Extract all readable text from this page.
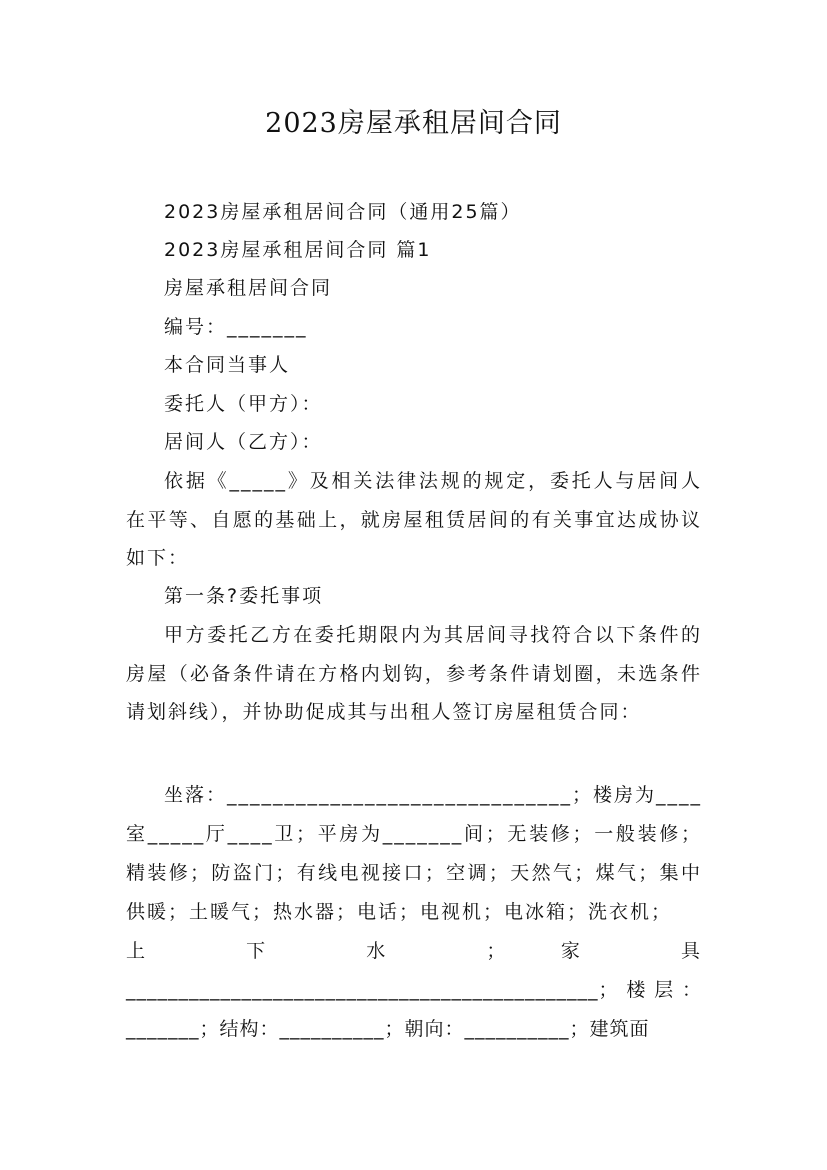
2023房屋承租居间合同

2023房屋承租居间合同（通用25篇）

2023房屋承租居间合同 篇1

房屋承租居间合同

编号：_______

本合同当事人

委托人（甲方）：

居间人（乙方）：

依据《_____》及相关法律法规的规定，委托人与居间人在平等、自愿的基础上，就房屋租赁居间的有关事宜达成协议如下：

第一条?委托事项

甲方委托乙方在委托期限内为其居间寻找符合以下条件的房屋（必备条件请在方格内划钩，参考条件请划圈，未选条件请划斜线），并协助促成其与出租人签订房屋租赁合同：

坐落：______________________________；楼房为____室_____厅____卫；平房为_______间；无装修；一般装修；精装修；防盗门；有线电视接口；空调；天然气；煤气；集中供暖；土暖气；热水器；电话；电视机；电冰箱；洗衣机；

上 下 水 ； 家 具

_____________________________________________；楼层：_______；结构：__________；朝向：__________；建筑面
